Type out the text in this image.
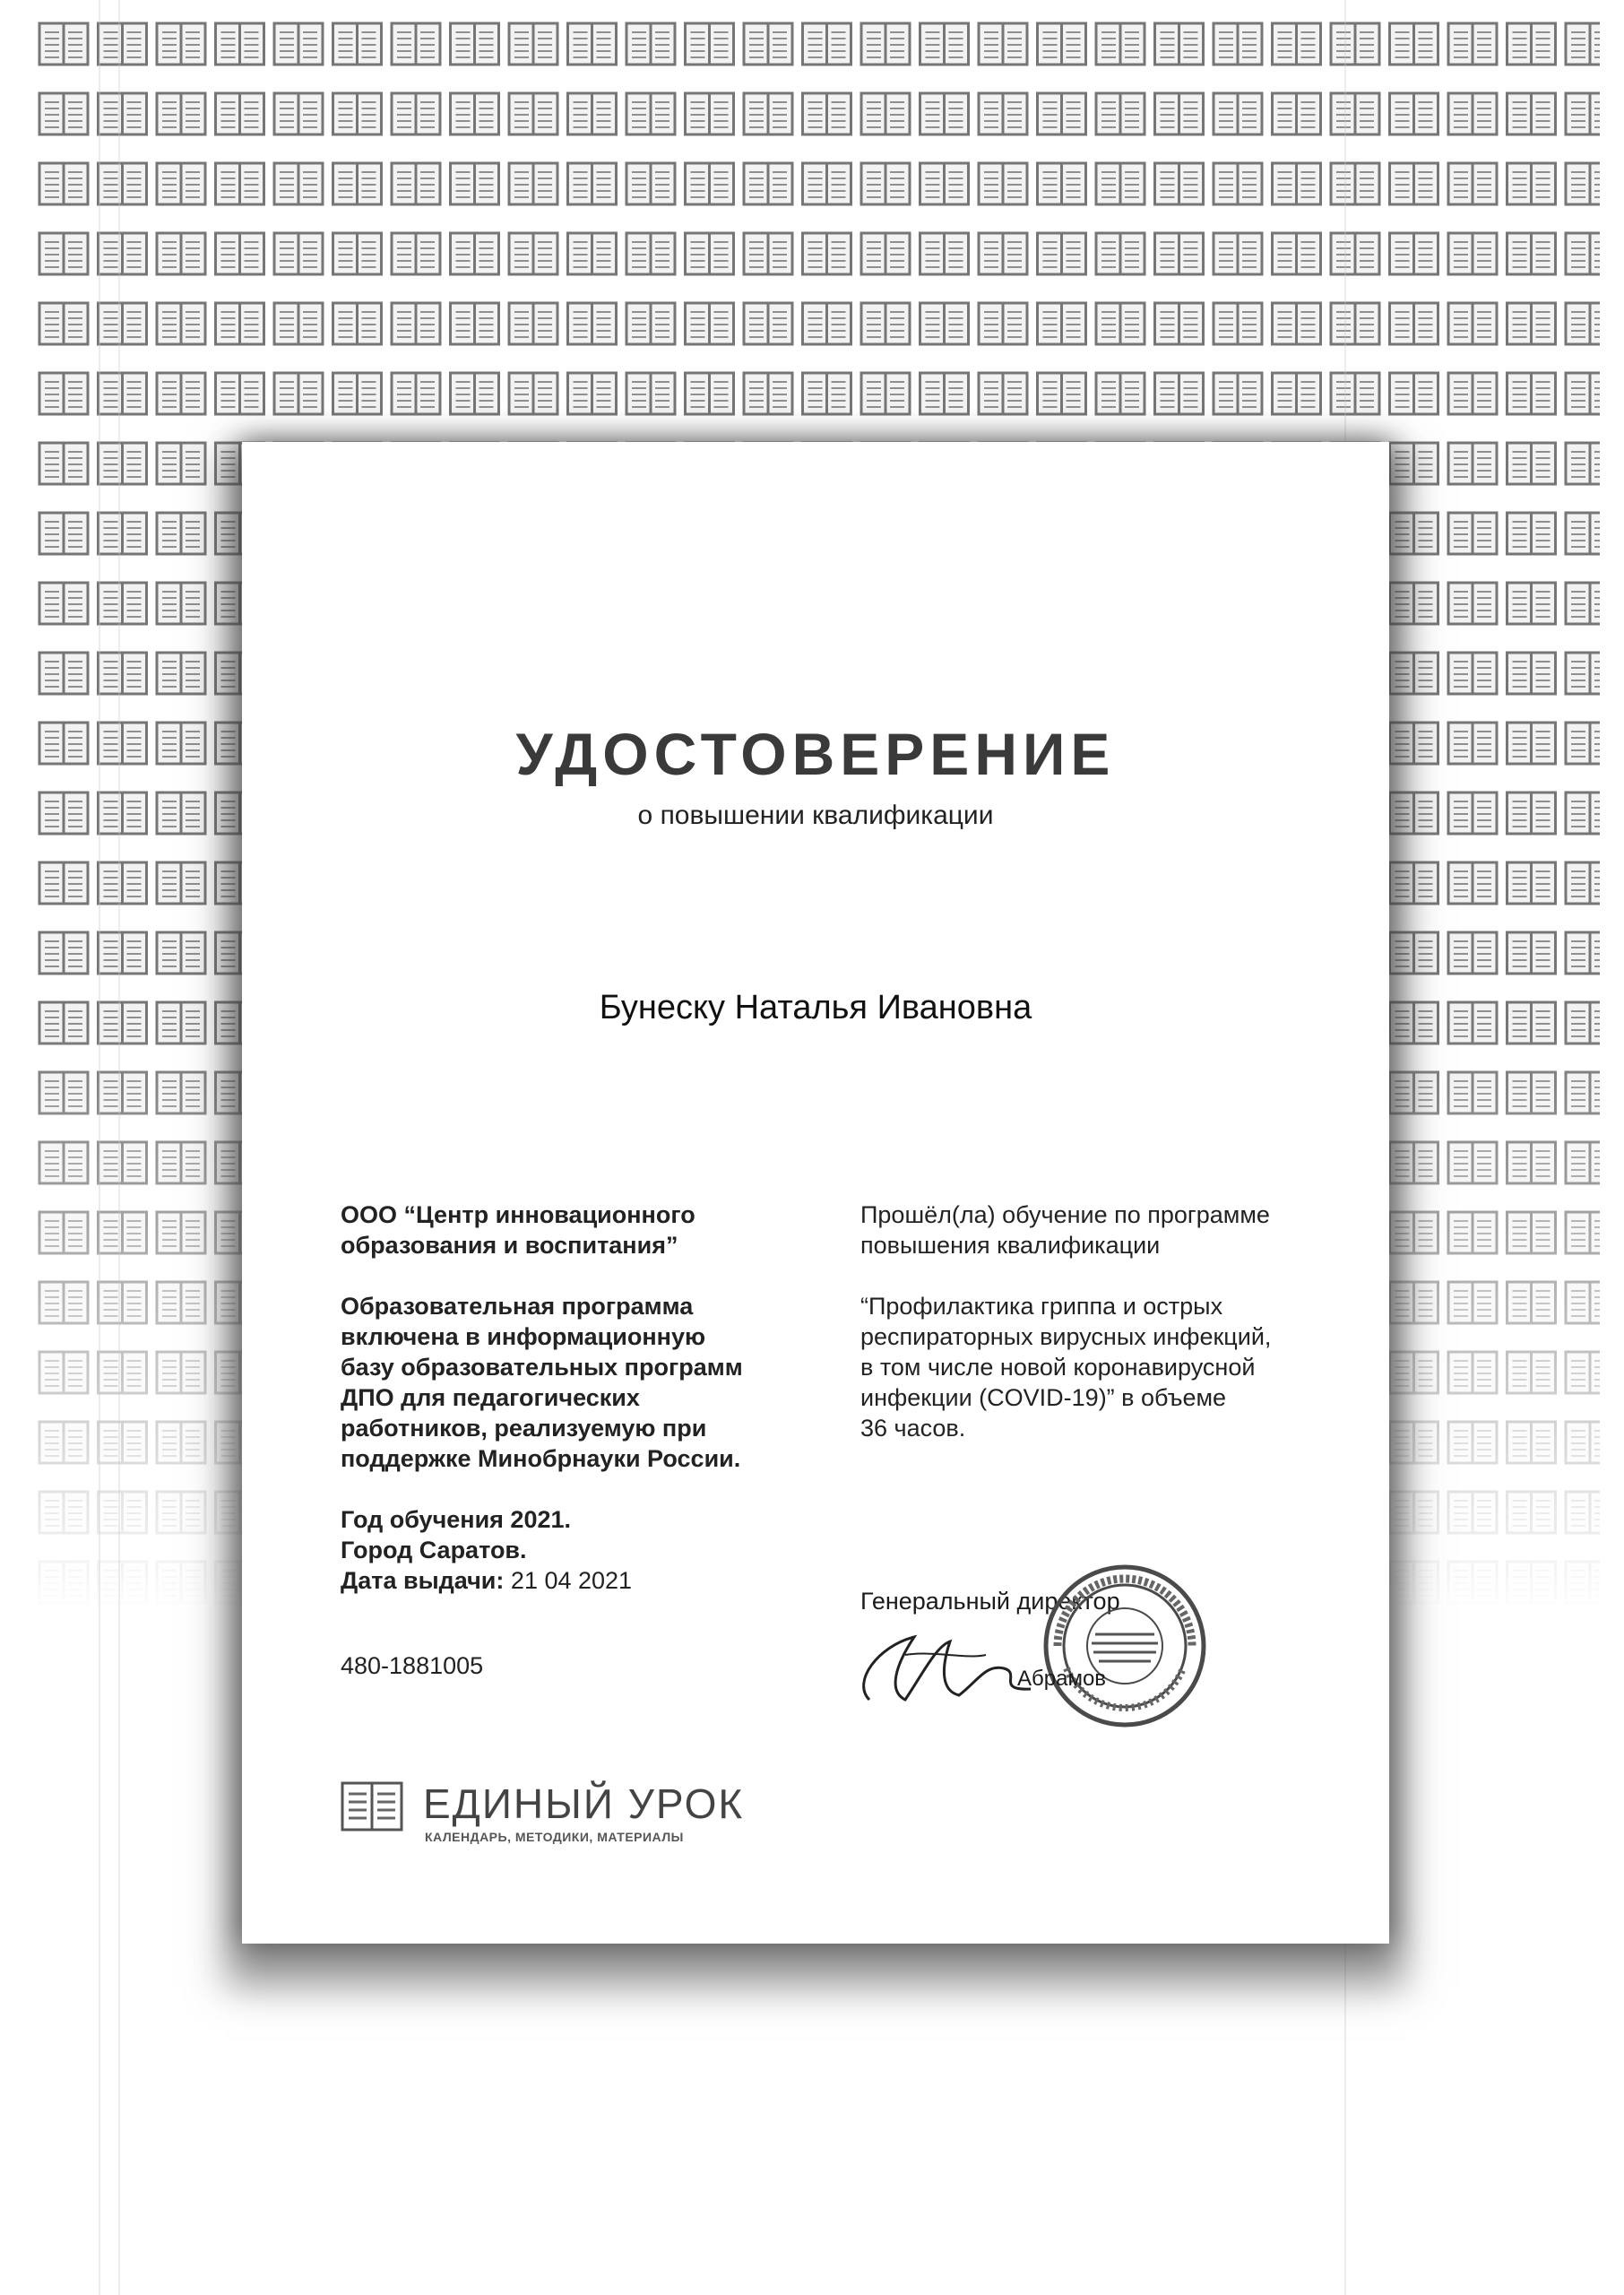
УДОСТОВЕРЕНИЕ
о повышении квалификации
Бунеску Наталья Ивановна
ООО “Центр инновационного
образования и воспитания”
Образовательная программа
включена в информационную
базу образовательных программ
ДПО для педагогических
работников, реализуемую при
поддержке Минобрнауки России.
Год обучения 2021.
Город Саратов.
Дата выдачи: 21 04 2021
Прошёл(ла) обучение по программе
повышения квалификации
“Профилактика гриппа и острых
респираторных вирусных инфекций,
в том числе новой коронавирусной
инфекции (COVID-19)” в объеме
36 часов.
480-1881005
Генеральный директор
Абрамов
ЕДИНЫЙ УРОК
КАЛЕНДАРЬ, МЕТОДИКИ, МАТЕРИАЛЫ
